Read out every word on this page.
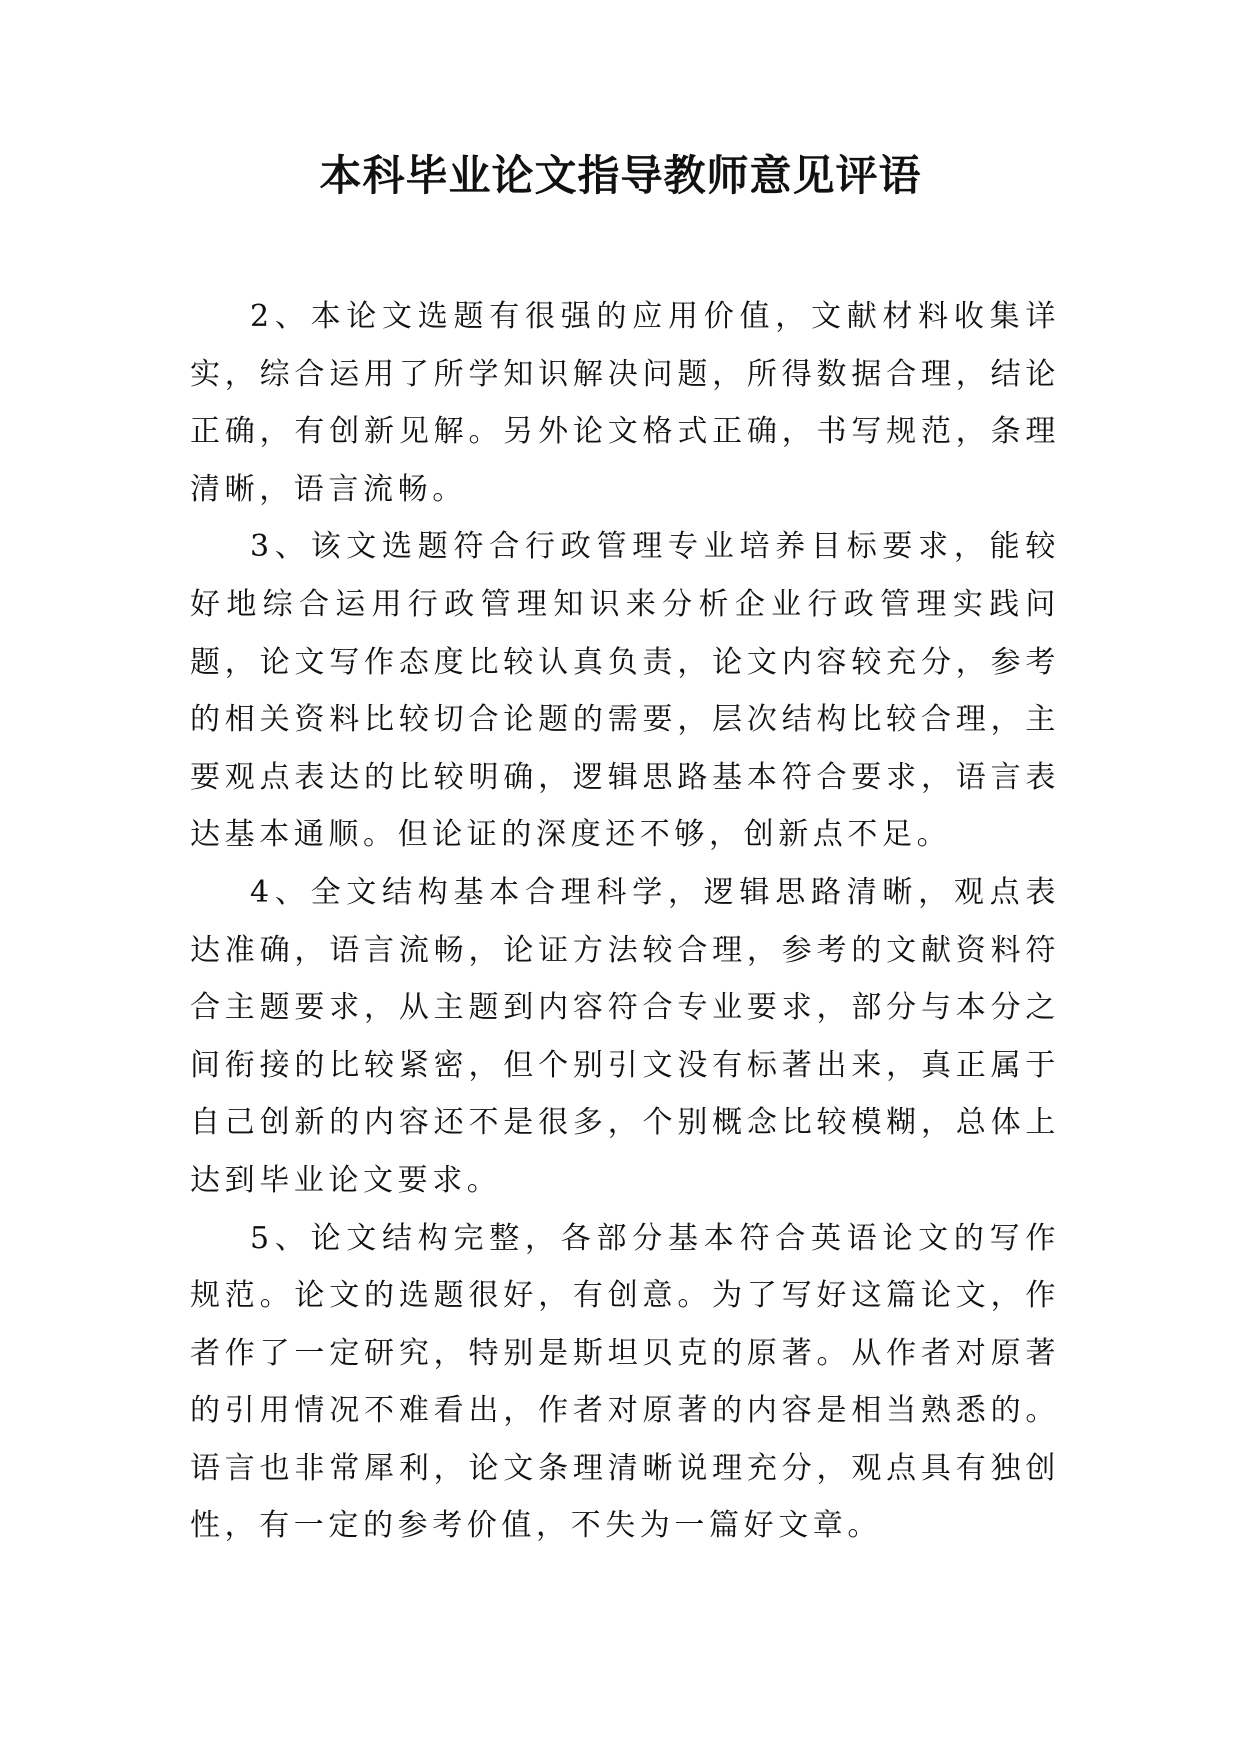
本科毕业论文指导教师意见评语

2、本论文选题有很强的应用价值，文献材料收集详实，综合运用了所学知识解决问题，所得数据合理，结论正确，有创新见解。另外论文格式正确，书写规范，条理清晰，语言流畅。

3、该文选题符合行政管理专业培养目标要求，能较好地综合运用行政管理知识来分析企业行政管理实践问题，论文写作态度比较认真负责，论文内容较充分，参考的相关资料比较切合论题的需要，层次结构比较合理，主要观点表达的比较明确，逻辑思路基本符合要求，语言表达基本通顺。但论证的深度还不够，创新点不足。

4、全文结构基本合理科学，逻辑思路清晰，观点表达准确，语言流畅，论证方法较合理，参考的文献资料符合主题要求，从主题到内容符合专业要求，部分与本分之间衔接的比较紧密，但个别引文没有标著出来，真正属于自己创新的内容还不是很多，个别概念比较模糊，总体上达到毕业论文要求。

5、论文结构完整，各部分基本符合英语论文的写作规范。论文的选题很好，有创意。为了写好这篇论文，作者作了一定研究，特别是斯坦贝克的原著。从作者对原著的引用情况不难看出，作者对原著的内容是相当熟悉的。语言也非常犀利，论文条理清晰说理充分，观点具有独创性，有一定的参考价值，不失为一篇好文章。
